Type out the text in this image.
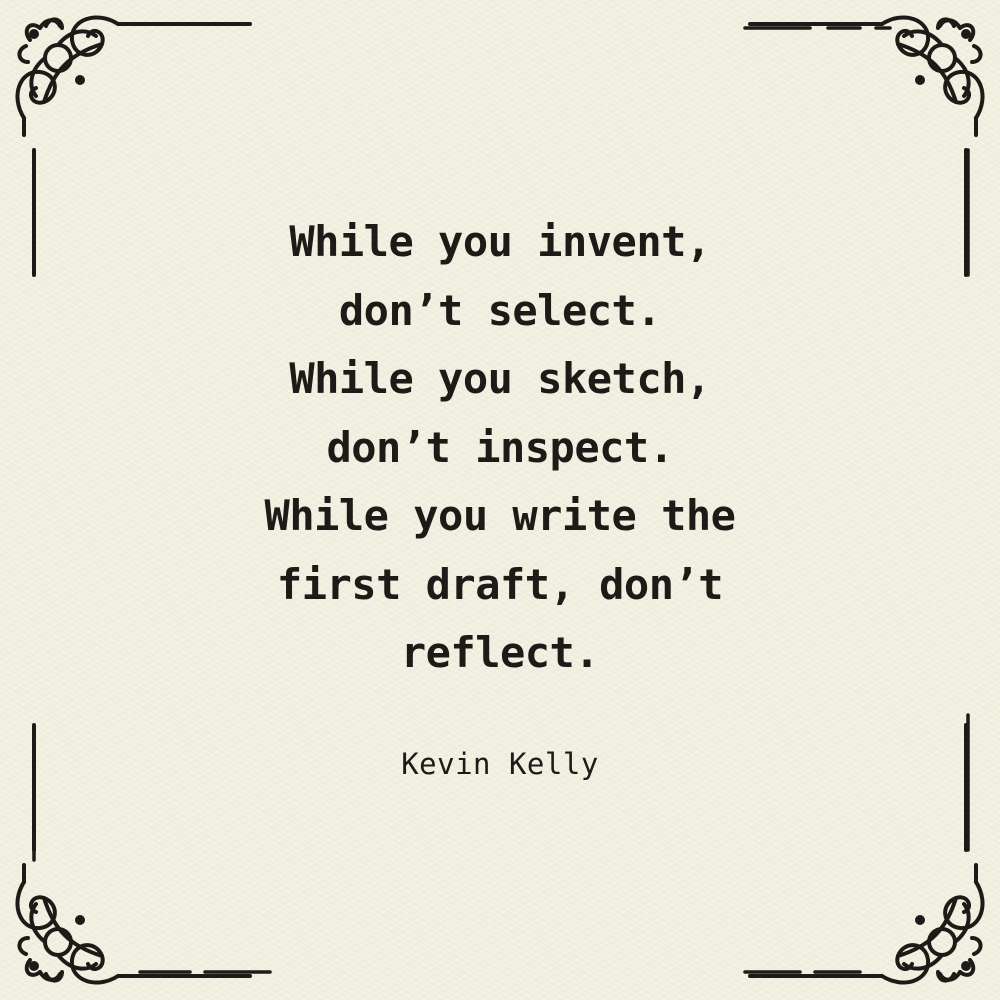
While you invent,
don’t select.
While you sketch,
don’t inspect.
While you write the
first draft, don’t
reflect.

Kevin Kelly
